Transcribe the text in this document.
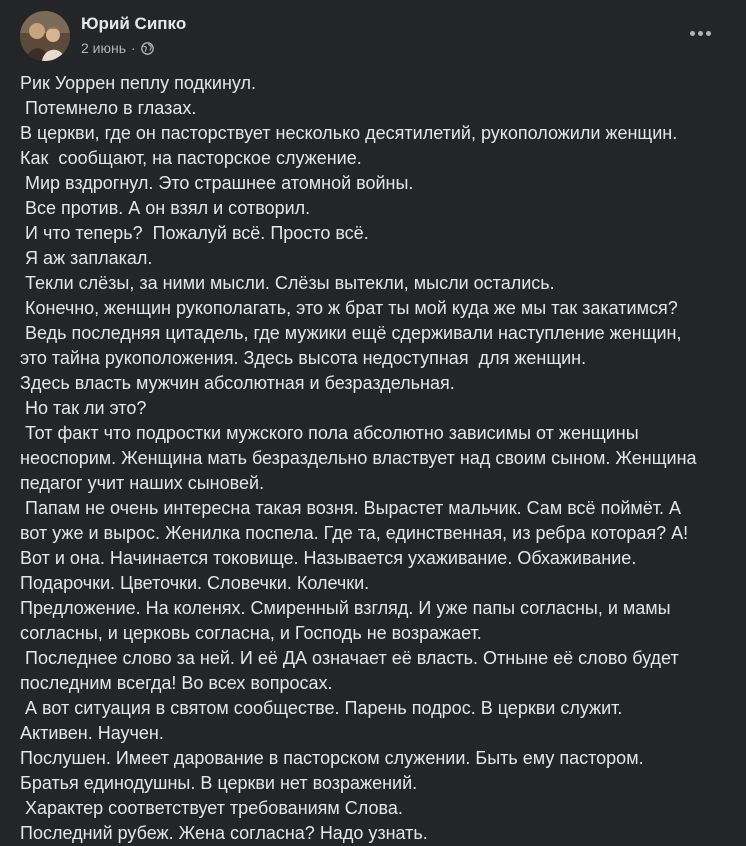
Юрий Сипко
2 июнь ·
Рик Уоррен пеплу подкинул.
Потемнело в глазах.
В церкви, где он пасторствует несколько десятилетий, рукоположили женщин.
Как  сообщают, на пасторское служение.
Мир вздрогнул. Это страшнее атомной войны.
Все против. А он взял и сотворил.
И что теперь?  Пожалуй всё. Просто всё.
Я аж заплакал.
Текли слёзы, за ними мысли. Слёзы вытекли, мысли остались.
Конечно, женщин рукополагать, это ж брат ты мой куда же мы так закатимся?
Ведь последняя цитадель, где мужики ещё сдерживали наступление женщин,
это тайна рукоположения. Здесь высота недоступная  для женщин.
Здесь власть мужчин абсолютная и безраздельная.
Но так ли это?
Тот факт что подростки мужского пола абсолютно зависимы от женщины
неоспорим. Женщина мать безраздельно властвует над своим сыном. Женщина
педагог учит наших сыновей.
Папам не очень интересна такая возня. Вырастет мальчик. Сам всё поймёт. А
вот уже и вырос. Женилка поспела. Где та, единственная, из ребра которая? А!
Вот и она. Начинается токовище. Называется ухаживание. Обхаживание.
Подарочки. Цветочки. Словечки. Колечки.
Предложение. На коленях. Смиренный взгляд. И уже папы согласны, и мамы
согласны, и церковь согласна, и Господь не возражает.
Последнее слово за ней. И её ДА означает её власть. Отныне её слово будет
последним всегда! Во всех вопросах.
А вот ситуация в святом сообществе. Парень подрос. В церкви служит.
Активен. Научен.
Послушен. Имеет дарование в пасторском служении. Быть ему пастором.
Братья единодушны. В церкви нет возражений.
Характер соответствует требованиям Слова.
Последний рубеж. Жена согласна? Надо узнать.
